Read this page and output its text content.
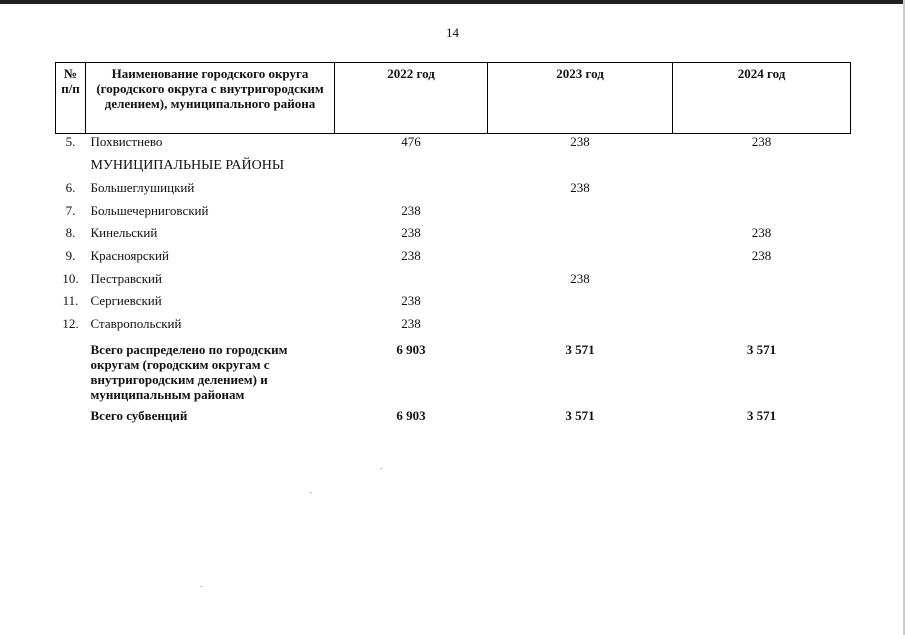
14
№ п/п	Наименование городского округа (городского округа с внутригородским делением), муниципального района	2022 год	2023 год	2024 год
5.	Похвистнево	476	238	238
	МУНИЦИПАЛЬНЫЕ РАЙОНЫ			
6.	Большеглушицкий		238	
7.	Большечерниговский	238		
8.	Кинельский	238		238
9.	Красноярский	238		238
10.	Пестравский		238	
11.	Сергиевский	238		
12.	Ставропольский	238		
	Всего распределено по городским округам (городским округам с внутригородским делением) и муниципальным районам	6 903	3 571	3 571
	Всего субвенций	6 903	3 571	3 571
